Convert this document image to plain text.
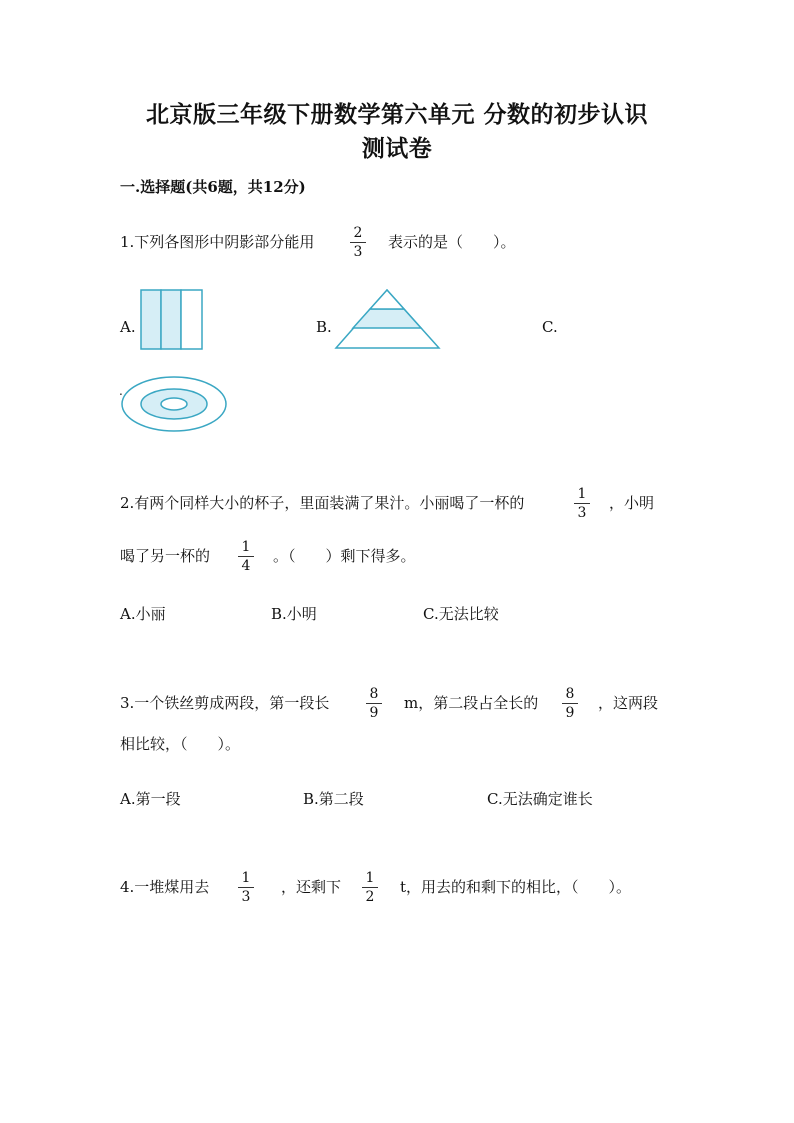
北京版三年级下册数学第六单元 分数的初步认识
测试卷
一.选择题(共6题，共12分)
1.下列各图形中阴影部分能用	2
3
表示的是（　　）。
A.	B.	C.
.
2.有两个同样大小的杯子，里面装满了果汁。小丽喝了一杯的	1
3
，小明
喝了另一杯的	1
4
。（　　）剩下得多。
A.小丽	B.小明	C.无法比较
3.一个铁丝剪成两段，第一段长	8
9
m，第二段占全长的	8
9
，这两段
相比较，（　　）。
A.第一段	B.第二段	C.无法确定谁长
4.一堆煤用去	1
3
，还剩下	1
2
t，用去的和剩下的相比，（　　）。
